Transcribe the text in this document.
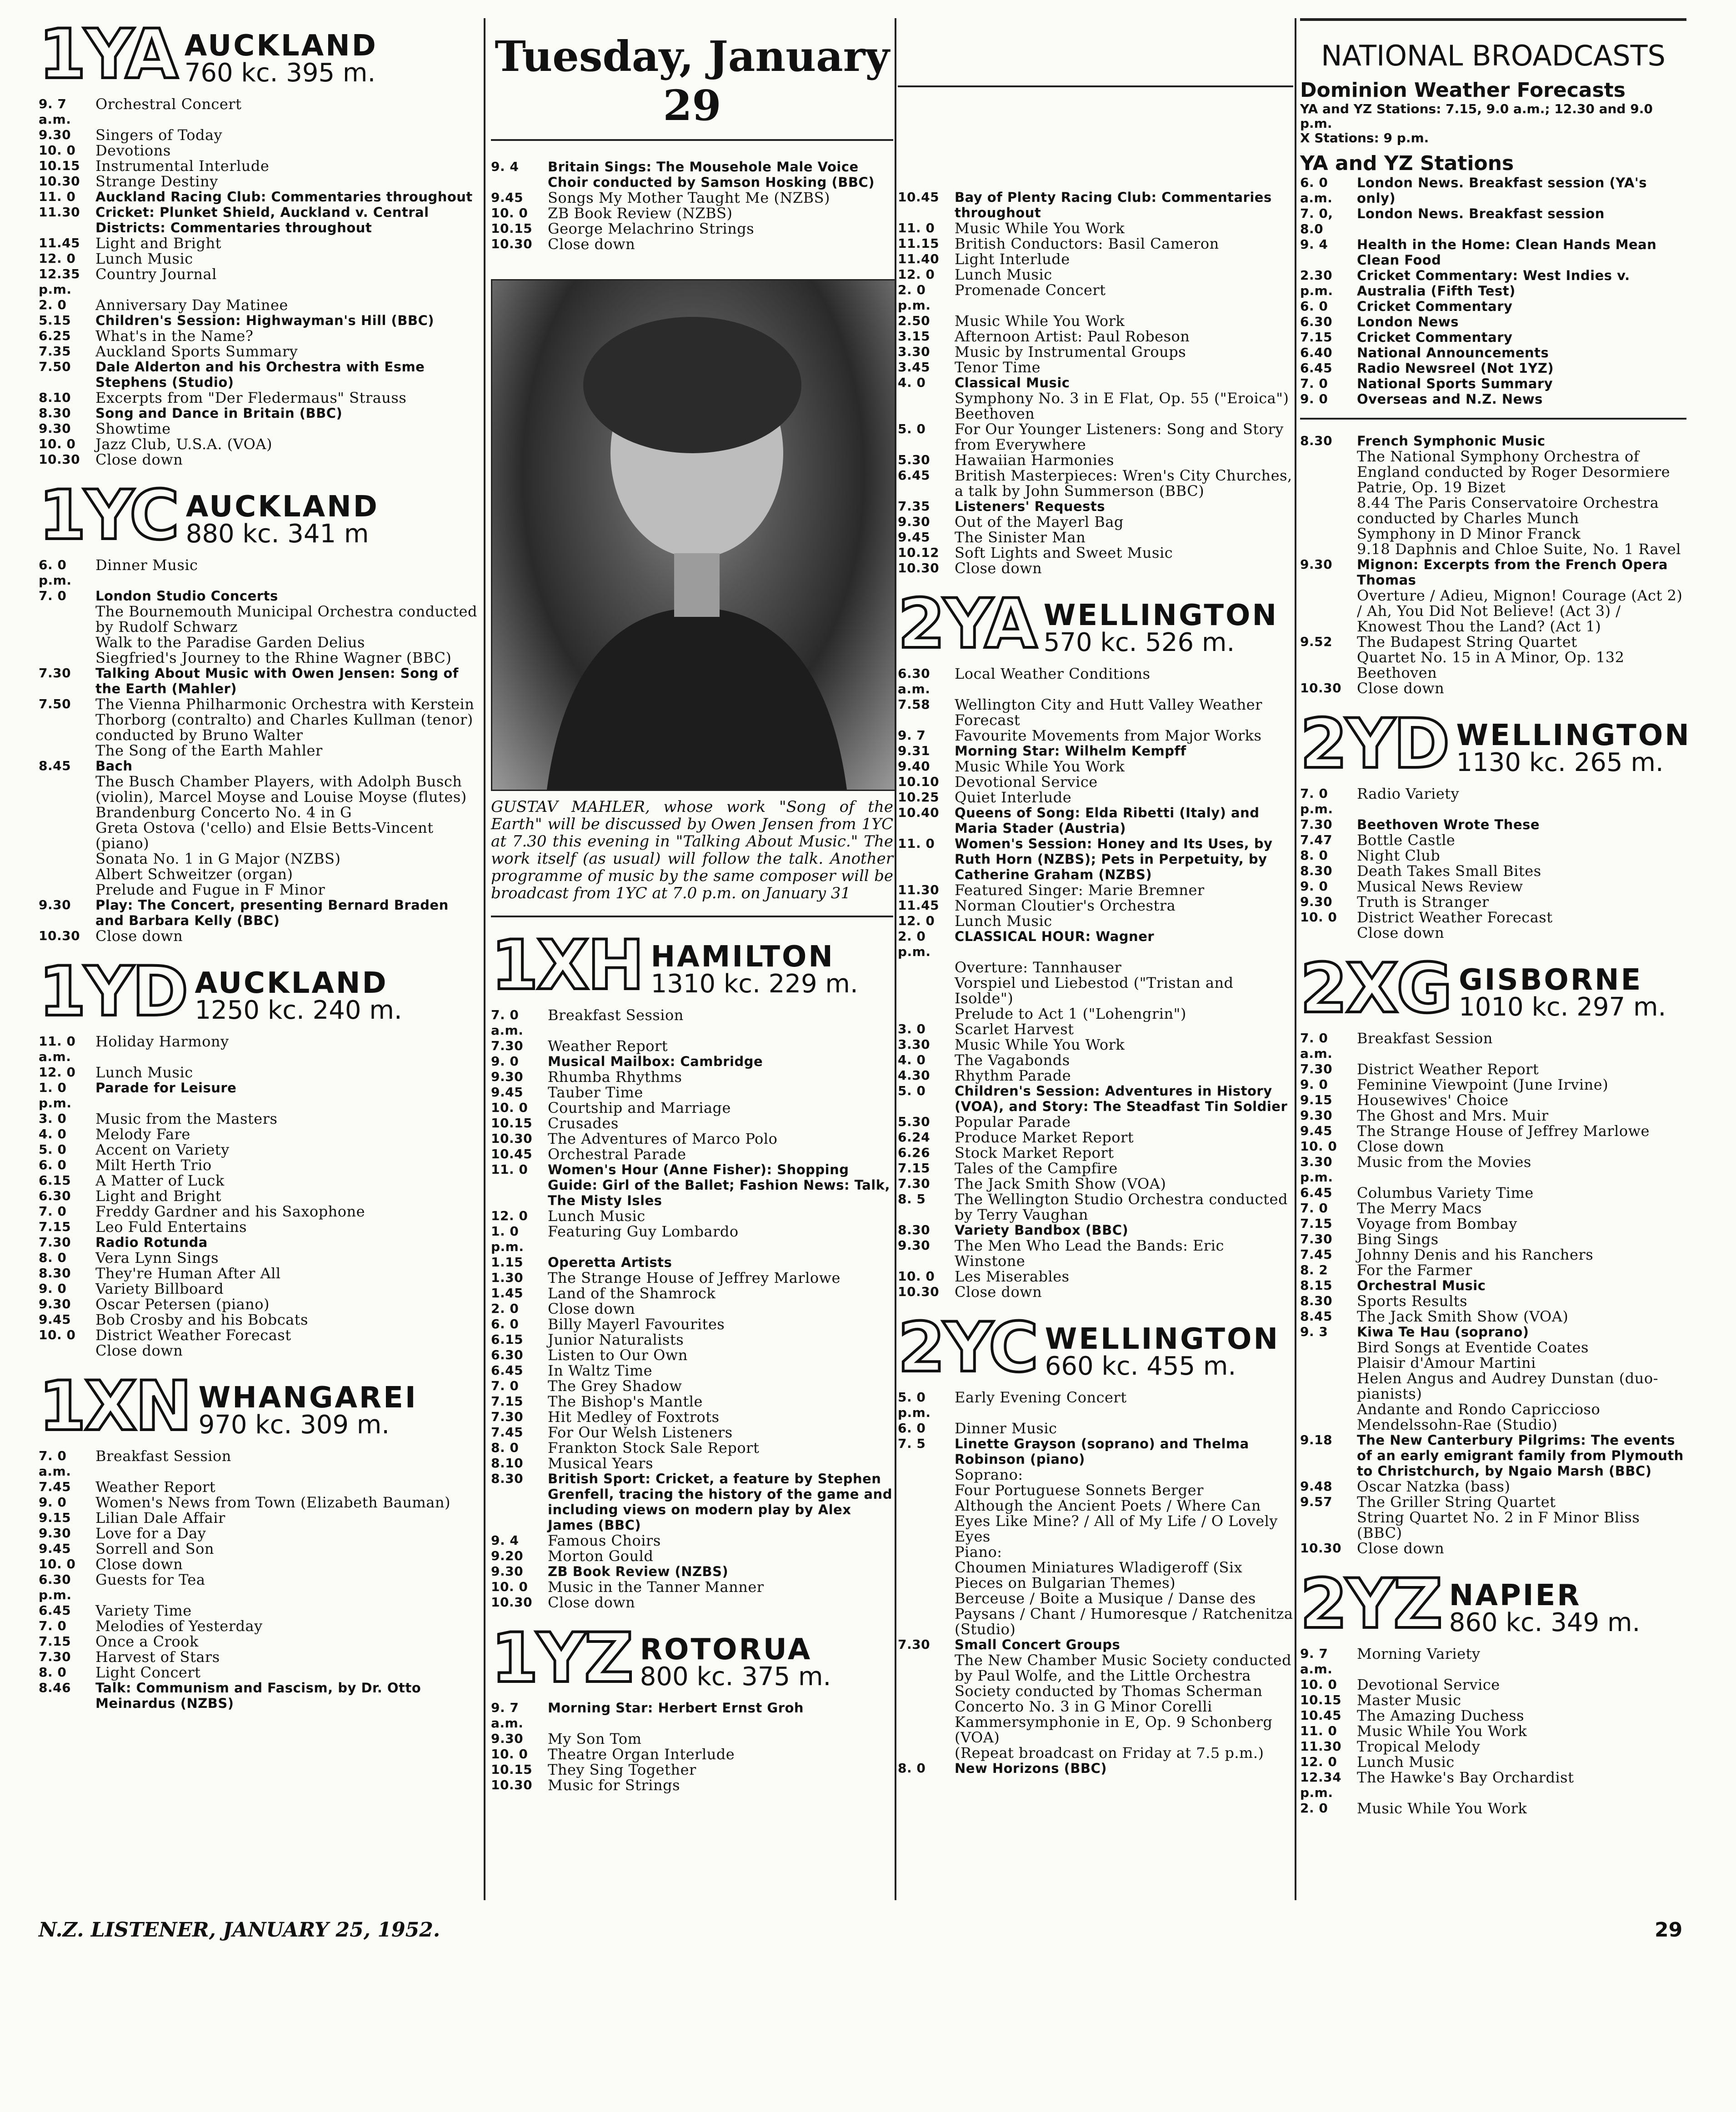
1YA AUCKLAND
760 kc. 395 m.
9. 7 a.m.
Orchestral Concert
9.30	Singers of Today
10. 0	Devotions
10.15	Instrumental Interlude
10.30	Strange Destiny
11. 0	Auckland Racing Club: Commentaries throughout
11.30	Cricket: Plunket Shield, Auckland v. Central Districts: Commentaries throughout
11.45	Light and Bright
12. 0	Lunch Music
12.35 p.m.
Country Journal
2. 0	Anniversary Day Matinee
5.15	Children's Session: Highwayman's Hill (BBC)
6.25	What's in the Name?
7.35	Auckland Sports Summary
7.50	Dale Alderton and his Orchestra with Esme Stephens (Studio)
8.10	Excerpts from "Der Fledermaus" Strauss
8.30	Song and Dance in Britain (BBC)
9.30	Showtime
10. 0	Jazz Club, U.S.A. (VOA)
10.30	Close down
1YC AUCKLAND
880 kc. 341 m
6. 0 p.m.
Dinner Music
7. 0	London Studio Concerts
The Bournemouth Municipal Orchestra conducted by Rudolf Schwarz
Walk to the Paradise Garden Delius
Siegfried's Journey to the Rhine Wagner (BBC)
7.30	Talking About Music with Owen Jensen: Song of the Earth (Mahler)
7.50	The Vienna Philharmonic Orchestra with Kerstein Thorborg (contralto) and Charles Kullman (tenor) conducted by Bruno Walter
The Song of the Earth Mahler
8.45	Bach
The Busch Chamber Players, with Adolph Busch (violin), Marcel Moyse and Louise Moyse (flutes)
Brandenburg Concerto No. 4 in G
Greta Ostova ('cello) and Elsie Betts-Vincent (piano)
Sonata No. 1 in G Major (NZBS)
Albert Schweitzer (organ)
Prelude and Fugue in F Minor
9.30	Play: The Concert, presenting Bernard Braden and Barbara Kelly (BBC)
10.30	Close down
1YD AUCKLAND
1250 kc. 240 m.
11. 0 a.m.
Holiday Harmony
12. 0	Lunch Music
1. 0 p.m.
Parade for Leisure
3. 0	Music from the Masters
4. 0	Melody Fare
5. 0	Accent on Variety
6. 0	Milt Herth Trio
6.15	A Matter of Luck
6.30	Light and Bright
7. 0	Freddy Gardner and his Saxophone
7.15	Leo Fuld Entertains
7.30	Radio Rotunda
8. 0	Vera Lynn Sings
8.30	They're Human After All
9. 0	Variety Billboard
9.30	Oscar Petersen (piano)
9.45	Bob Crosby and his Bobcats
10. 0	District Weather Forecast
Close down
1XN WHANGAREI
970 kc. 309 m.
7. 0 a.m.
Breakfast Session
7.45	Weather Report
9. 0	Women's News from Town (Elizabeth Bauman)
9.15	Lilian Dale Affair
9.30	Love for a Day
9.45	Sorrell and Son
10. 0	Close down
6.30 p.m.
Guests for Tea
6.45	Variety Time
7. 0	Melodies of Yesterday
7.15	Once a Crook
7.30	Harvest of Stars
8. 0	Light Concert
8.46	Talk: Communism and Fascism, by Dr. Otto Meinardus (NZBS)
Tuesday, January 29
9. 4	Britain Sings: The Mousehole Male Voice Choir conducted by Samson Hosking (BBC)
9.45	Songs My Mother Taught Me (NZBS)
10. 0	ZB Book Review (NZBS)
10.15	George Melachrino Strings
10.30	Close down
GUSTAV MAHLER, whose work "Song of the Earth" will be discussed by Owen Jensen from 1YC at 7.30 this evening in "Talking About Music." The work itself (as usual) will follow the talk. Another programme of music by the same composer will be broadcast from 1YC at 7.0 p.m. on January 31
1XH HAMILTON
1310 kc. 229 m.
7. 0 a.m.
Breakfast Session
7.30	Weather Report
9. 0	Musical Mailbox: Cambridge
9.30	Rhumba Rhythms
9.45	Tauber Time
10. 0	Courtship and Marriage
10.15	Crusades
10.30	The Adventures of Marco Polo
10.45	Orchestral Parade
11. 0	Women's Hour (Anne Fisher): Shopping Guide: Girl of the Ballet; Fashion News: Talk, The Misty Isles
12. 0	Lunch Music
1. 0 p.m.
Featuring Guy Lombardo
1.15	Operetta Artists
1.30	The Strange House of Jeffrey Marlowe
1.45	Land of the Shamrock
2. 0	Close down
6. 0	Billy Mayerl Favourites
6.15	Junior Naturalists
6.30	Listen to Our Own
6.45	In Waltz Time
7. 0	The Grey Shadow
7.15	The Bishop's Mantle
7.30	Hit Medley of Foxtrots
7.45	For Our Welsh Listeners
8. 0	Frankton Stock Sale Report
8.10	Musical Years
8.30	British Sport: Cricket, a feature by Stephen Grenfell, tracing the history of the game and including views on modern play by Alex James (BBC)
9. 4	Famous Choirs
9.20	Morton Gould
9.30	ZB Book Review (NZBS)
10. 0	Music in the Tanner Manner
10.30	Close down
1YZ ROTORUA
800 kc. 375 m.
9. 7 a.m.
Morning Star: Herbert Ernst Groh
9.30	My Son Tom
10. 0	Theatre Organ Interlude
10.15	They Sing Together
10.30	Music for Strings
10.45	Bay of Plenty Racing Club: Commentaries throughout
11. 0	Music While You Work
11.15	British Conductors: Basil Cameron
11.40	Light Interlude
12. 0	Lunch Music
2. 0 p.m.
Promenade Concert
2.50	Music While You Work
3.15	Afternoon Artist: Paul Robeson
3.30	Music by Instrumental Groups
3.45	Tenor Time
4. 0	Classical Music
Symphony No. 3 in E Flat, Op. 55 ("Eroica") Beethoven
5. 0	For Our Younger Listeners: Song and Story from Everywhere
5.30	Hawaiian Harmonies
6.45	British Masterpieces: Wren's City Churches, a talk by John Summerson (BBC)
7.35	Listeners' Requests
9.30	Out of the Mayerl Bag
9.45	The Sinister Man
10.12	Soft Lights and Sweet Music
10.30	Close down
2YA WELLINGTON
570 kc. 526 m.
6.30 a.m.
Local Weather Conditions
7.58	Wellington City and Hutt Valley Weather Forecast
9. 7	Favourite Movements from Major Works
9.31	Morning Star: Wilhelm Kempff
9.40	Music While You Work
10.10	Devotional Service
10.25	Quiet Interlude
10.40	Queens of Song: Elda Ribetti (Italy) and Maria Stader (Austria)
11. 0	Women's Session: Honey and Its Uses, by Ruth Horn (NZBS); Pets in Perpetuity, by Catherine Graham (NZBS)
11.30	Featured Singer: Marie Bremner
11.45	Norman Cloutier's Orchestra
12. 0	Lunch Music
2. 0 p.m.
CLASSICAL HOUR: Wagner
Overture: Tannhauser
Vorspiel und Liebestod ("Tristan and Isolde")
Prelude to Act 1 ("Lohengrin")
3. 0	Scarlet Harvest
3.30	Music While You Work
4. 0	The Vagabonds
4.30	Rhythm Parade
5. 0	Children's Session: Adventures in History (VOA), and Story: The Steadfast Tin Soldier
5.30	Popular Parade
6.24	Produce Market Report
6.26	Stock Market Report
7.15	Tales of the Campfire
7.30	The Jack Smith Show (VOA)
8. 5	The Wellington Studio Orchestra conducted by Terry Vaughan
8.30	Variety Bandbox (BBC)
9.30	The Men Who Lead the Bands: Eric Winstone
10. 0	Les Miserables
10.30	Close down
2YC WELLINGTON
660 kc. 455 m.
5. 0 p.m.
Early Evening Concert
6. 0	Dinner Music
7. 5	Linette Grayson (soprano) and Thelma Robinson (piano)
Soprano:
Four Portuguese Sonnets Berger
Although the Ancient Poets / Where Can Eyes Like Mine? / All of My Life / O Lovely Eyes
Piano:
Choumen Miniatures Wladigeroff (Six Pieces on Bulgarian Themes)
Berceuse / Boite a Musique / Danse des Paysans / Chant / Humoresque / Ratchenitza (Studio)
7.30	Small Concert Groups
The New Chamber Music Society conducted by Paul Wolfe, and the Little Orchestra Society conducted by Thomas Scherman
Concerto No. 3 in G Minor Corelli
Kammersymphonie in E, Op. 9 Schonberg (VOA)
(Repeat broadcast on Friday at 7.5 p.m.)
8. 0	New Horizons (BBC)
NATIONAL BROADCASTS
Dominion Weather Forecasts
YA and YZ Stations: 7.15, 9.0 a.m.; 12.30 and 9.0 p.m.
X Stations: 9 p.m.
YA and YZ Stations
6. 0 a.m.
London News. Breakfast session (YA's only)
7. 0, 8.0
London News. Breakfast session
9. 4	Health in the Home: Clean Hands Mean Clean Food
2.30 p.m.
Cricket Commentary: West Indies v. Australia (Fifth Test)
6. 0	Cricket Commentary
6.30	London News
7.15	Cricket Commentary
6.40	National Announcements
6.45	Radio Newsreel (Not 1YZ)
7. 0	National Sports Summary
9. 0	Overseas and N.Z. News
8.30	French Symphonic Music
The National Symphony Orchestra of England conducted by Roger Desormiere
Patrie, Op. 19 Bizet
8.44 The Paris Conservatoire Orchestra conducted by Charles Munch
Symphony in D Minor Franck
9.18 Daphnis and Chloe Suite, No. 1 Ravel
9.30	Mignon: Excerpts from the French Opera Thomas
Overture / Adieu, Mignon! Courage (Act 2) / Ah, You Did Not Believe! (Act 3) / Knowest Thou the Land? (Act 1)
9.52	The Budapest String Quartet
Quartet No. 15 in A Minor, Op. 132 Beethoven
10.30	Close down
2YD WELLINGTON
1130 kc. 265 m.
7. 0 p.m.
Radio Variety
7.30	Beethoven Wrote These
7.47	Bottle Castle
8. 0	Night Club
8.30	Death Takes Small Bites
9. 0	Musical News Review
9.30	Truth is Stranger
10. 0	District Weather Forecast
Close down
2XG GISBORNE
1010 kc. 297 m.
7. 0 a.m.
Breakfast Session
7.30	District Weather Report
9. 0	Feminine Viewpoint (June Irvine)
9.15	Housewives' Choice
9.30	The Ghost and Mrs. Muir
9.45	The Strange House of Jeffrey Marlowe
10. 0	Close down
3.30 p.m.
Music from the Movies
6.45	Columbus Variety Time
7. 0	The Merry Macs
7.15	Voyage from Bombay
7.30	Bing Sings
7.45	Johnny Denis and his Ranchers
8. 2	For the Farmer
8.15	Orchestral Music
8.30	Sports Results
8.45	The Jack Smith Show (VOA)
9. 3	Kiwa Te Hau (soprano)
Bird Songs at Eventide Coates
Plaisir d'Amour Martini
Helen Angus and Audrey Dunstan (duo-pianists)
Andante and Rondo Capriccioso Mendelssohn-Rae (Studio)
9.18	The New Canterbury Pilgrims: The events of an early emigrant family from Plymouth to Christchurch, by Ngaio Marsh (BBC)
9.48	Oscar Natzka (bass)
9.57	The Griller String Quartet
String Quartet No. 2 in F Minor Bliss (BBC)
10.30	Close down
2YZ NAPIER
860 kc. 349 m.
9. 7 a.m.
Morning Variety
10. 0	Devotional Service
10.15	Master Music
10.45	The Amazing Duchess
11. 0	Music While You Work
11.30	Tropical Melody
12. 0	Lunch Music
12.34 p.m.
The Hawke's Bay Orchardist
2. 0	Music While You Work
N.Z. LISTENER, JANUARY 25, 1952.	29
